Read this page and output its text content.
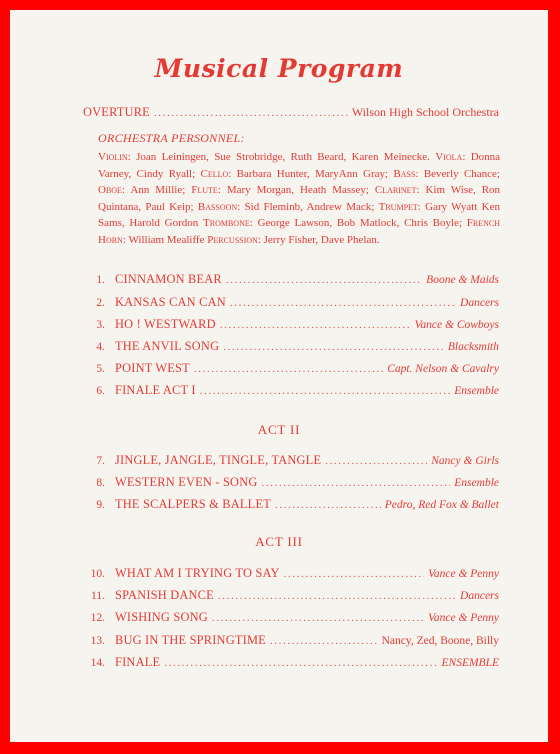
Musical Program
OVERTURE .....	Wilson High School Orchestra
ORCHESTRA PERSONNEL:
Violin: Joan Leiningen, Sue Strobridge, Ruth Beard, Karen Meinecke. Viola: Donna Varney, Cindy Ryall; Cello: Barbara Hunter, MaryAnn Gray; Bass: Beverly Chance; Oboe: Ann Millie; Flute: Mary Morgan, Heath Massey; Clarinet: Kim Wise, Ron Quintana, Paul Keip; Bassoon: Sid Fleminb, Andrew Mack; Trumpet: Gary Wyatt Ken Sams, Harold Gordon Trombone: George Lawson, Bob Matlock, Chris Boyle; French Horn: William Mealiffe Percussion: Jerry Fisher, Dave Phelan.
1. CINNAMON BEAR .....	Boone & Maids
2. KANSAS CAN CAN .....	Dancers
3. HO ! WESTWARD .....	Vance & Cowboys
4. THE ANVIL SONG .....	Blacksmith
5. POINT WEST .....	Capt. Nelson & Cavalry
6. FINALE ACT I .....	Ensemble
ACT II
7. JINGLE, JANGLE, TINGLE, TANGLE .....	Nancy & Girls
8. WESTERN EVEN - SONG .....	Ensemble
9. THE SCALPERS & BALLET .....	Pedro, Red Fox & Ballet
ACT III
10. WHAT AM I TRYING TO SAY .....	Vance & Penny
11. SPANISH DANCE .....	Dancers
12. WISHING SONG .....	Vance & Penny
13. BUG IN THE SPRINGTIME .....	Nancy, Zed, Boone, Billy
14. FINALE .....	ENSEMBLE
